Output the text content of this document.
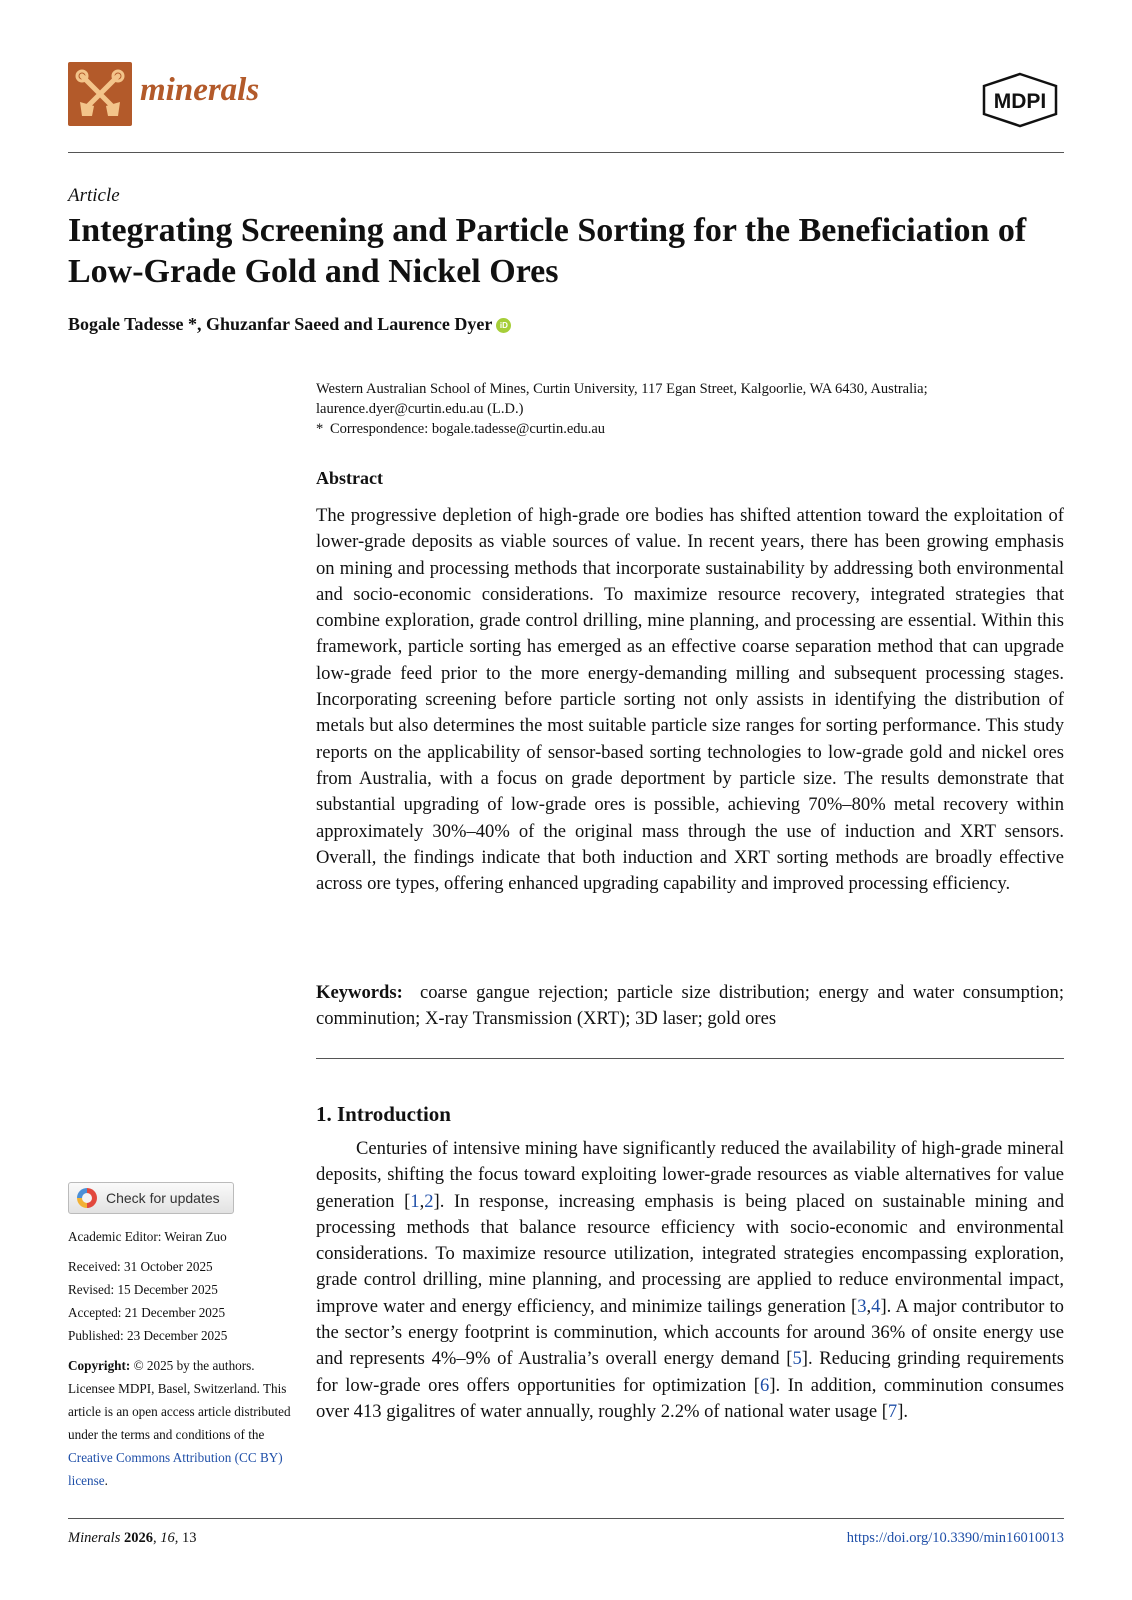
minerals	MDPI
Article
Integrating Screening and Particle Sorting for the Beneficiation of Low-Grade Gold and Nickel Ores
Bogale Tadesse *, Ghuzanfar Saeed and Laurence Dyer iD
Western Australian School of Mines, Curtin University, 117 Egan Street, Kalgoorlie, WA 6430, Australia;
laurence.dyer@curtin.edu.au (L.D.)
* Correspondence: bogale.tadesse@curtin.edu.au
Abstract

The progressive depletion of high-grade ore bodies has shifted attention toward the exploitation of lower-grade deposits as viable sources of value. In recent years, there has been growing emphasis on mining and processing methods that incorporate sustainability by addressing both environmental and socio-economic considerations. To maximize resource recovery, integrated strategies that combine exploration, grade control drilling, mine planning, and processing are essential. Within this framework, particle sorting has emerged as an effective coarse separation method that can upgrade low-grade feed prior to the more energy-demanding milling and subsequent processing stages. Incorporating screening before particle sorting not only assists in identifying the distribution of metals but also determines the most suitable particle size ranges for sorting performance. This study reports on the applicability of sensor-based sorting technologies to low-grade gold and nickel ores from Australia, with a focus on grade deportment by particle size. The results demonstrate that substantial upgrading of low-grade ores is possible, achieving 70%–80% metal recovery within approximately 30%–40% of the original mass through the use of induction and XRT sensors. Overall, the findings indicate that both induction and XRT sorting methods are broadly effective across ore types, offering enhanced upgrading capability and improved processing efficiency.

Keywords: coarse gangue rejection; particle size distribution; energy and water consumption; comminution; X-ray Transmission (XRT); 3D laser; gold ores

1. Introduction

Centuries of intensive mining have significantly reduced the availability of high-grade mineral deposits, shifting the focus toward exploiting lower-grade resources as viable alternatives for value generation [1,2]. In response, increasing emphasis is being placed on sustainable mining and processing methods that balance resource efficiency with socio-economic and environmental considerations. To maximize resource utilization, integrated strategies encompassing exploration, grade control drilling, mine planning, and processing are applied to reduce environmental impact, improve water and energy efficiency, and minimize tailings generation [3,4]. A major contributor to the sector’s energy footprint is comminution, which accounts for around 36% of onsite energy use and represents 4%–9% of Australia’s overall energy demand [5]. Reducing grinding requirements for low-grade ores offers opportunities for optimization [6]. In addition, comminution consumes over 413 gigalitres of water annually, roughly 2.2% of national water usage [7].

Check for updates
Academic Editor: Weiran Zuo
Received: 31 October 2025
Revised: 15 December 2025
Accepted: 21 December 2025
Published: 23 December 2025
Copyright: © 2025 by the authors. Licensee MDPI, Basel, Switzerland. This article is an open access article distributed under the terms and conditions of the Creative Commons Attribution (CC BY) license.
Minerals 2026, 16, 13	https://doi.org/10.3390/min16010013
